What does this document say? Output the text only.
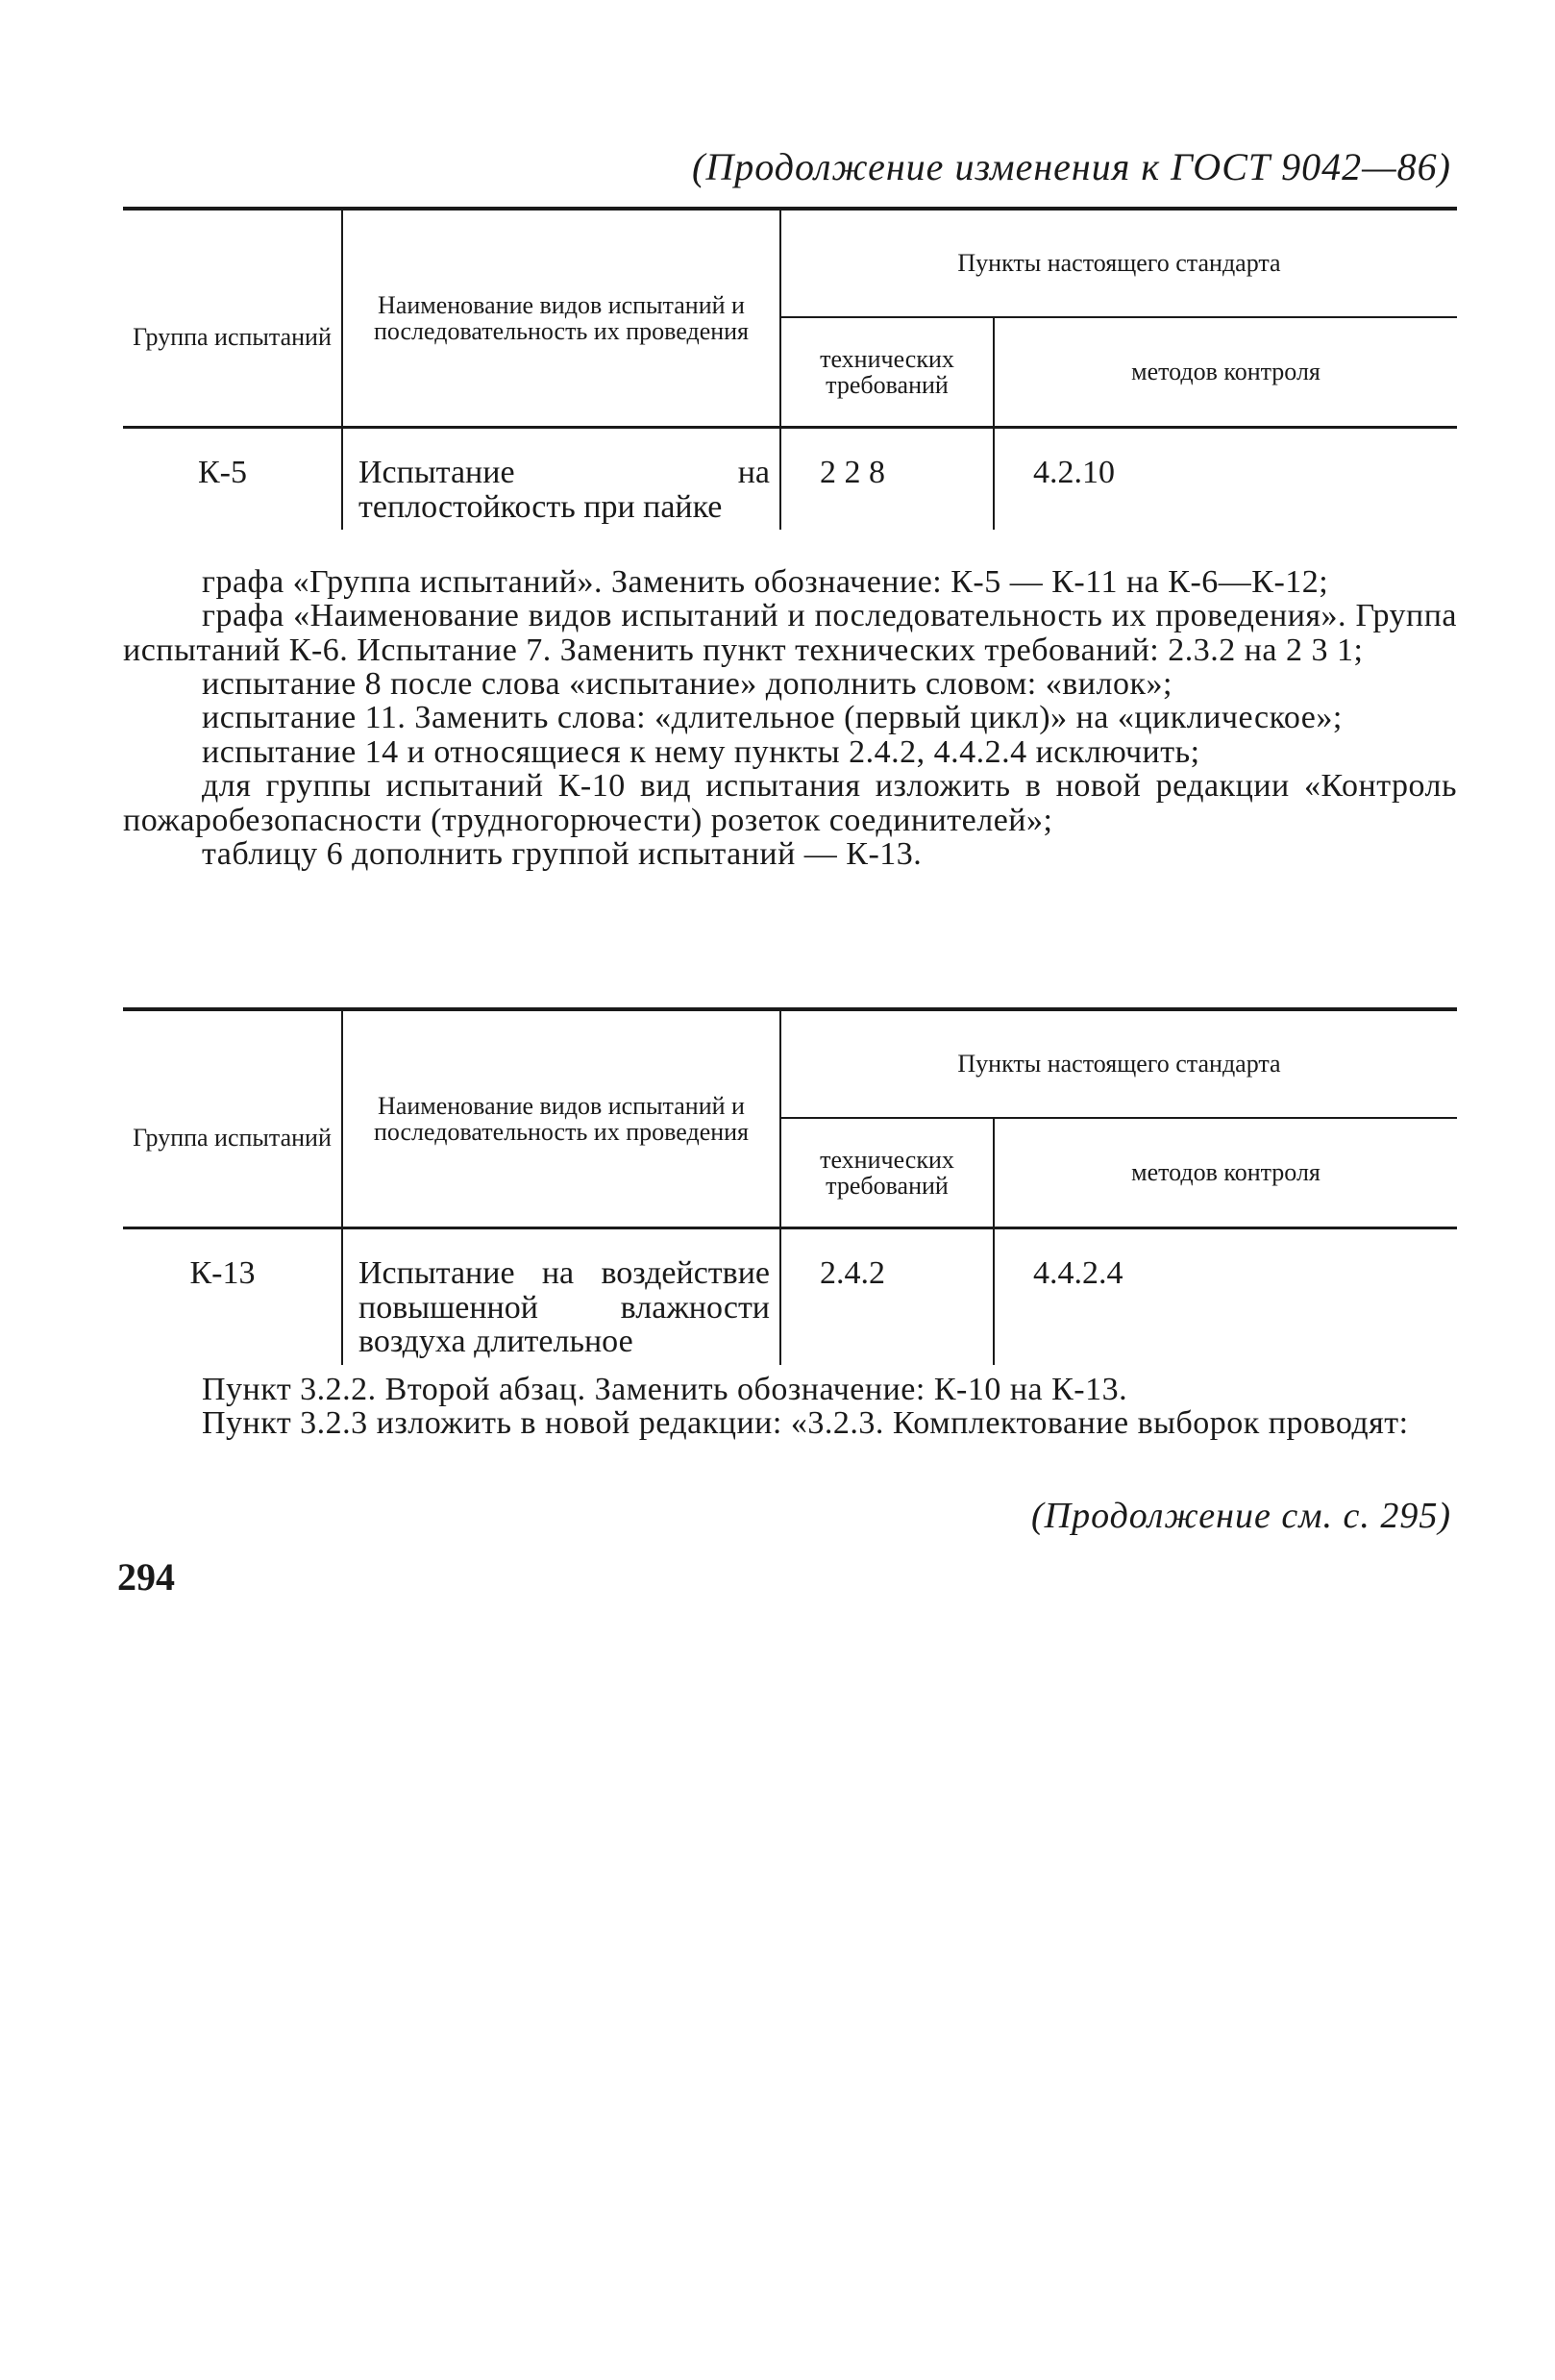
(Продолжение изменения к ГОСТ 9042—86)
Группа испытаний	Наименование видов испытаний и последовательность их проведения	Пункты настоящего стандарта	
		технических требований	методов контроля
К-5	Испытание на теплостойкость при пайке	2 2 8	4.2.10
графа «Группа испытаний». Заменить обозначение: К-5 — К-11 на К-6—К-12;
графа «Наименование видов испытаний и последовательность их проведения». Группа испытаний К-6. Испытание 7. Заменить пункт технических требований: 2.3.2 на 2 3 1;
испытание 8 после слова «испытание» дополнить словом: «вилок»;
испытание 11. Заменить слова: «длительное (первый цикл)» на «циклическое»;
испытание 14 и относящиеся к нему пункты 2.4.2, 4.4.2.4 исключить;
для группы испытаний К-10 вид испытания изложить в новой редакции «Контроль пожаробезопасности (трудногорючести) розеток соединителей»;
таблицу 6 дополнить группой испытаний — К-13.
Группа испытаний	Наименование видов испытаний и последовательность их проведения	Пункты настоящего стандарта	
		технических требований	методов контроля
К-13	Испытание на воздействие повышенной влажности воздуха длительное	2.4.2	4.4.2.4
Пункт 3.2.2. Второй абзац. Заменить обозначение: К-10 на К-13.
Пункт 3.2.3 изложить в новой редакции: «3.2.3. Комплектование выборок проводят:
(Продолжение см. с. 295)
294
